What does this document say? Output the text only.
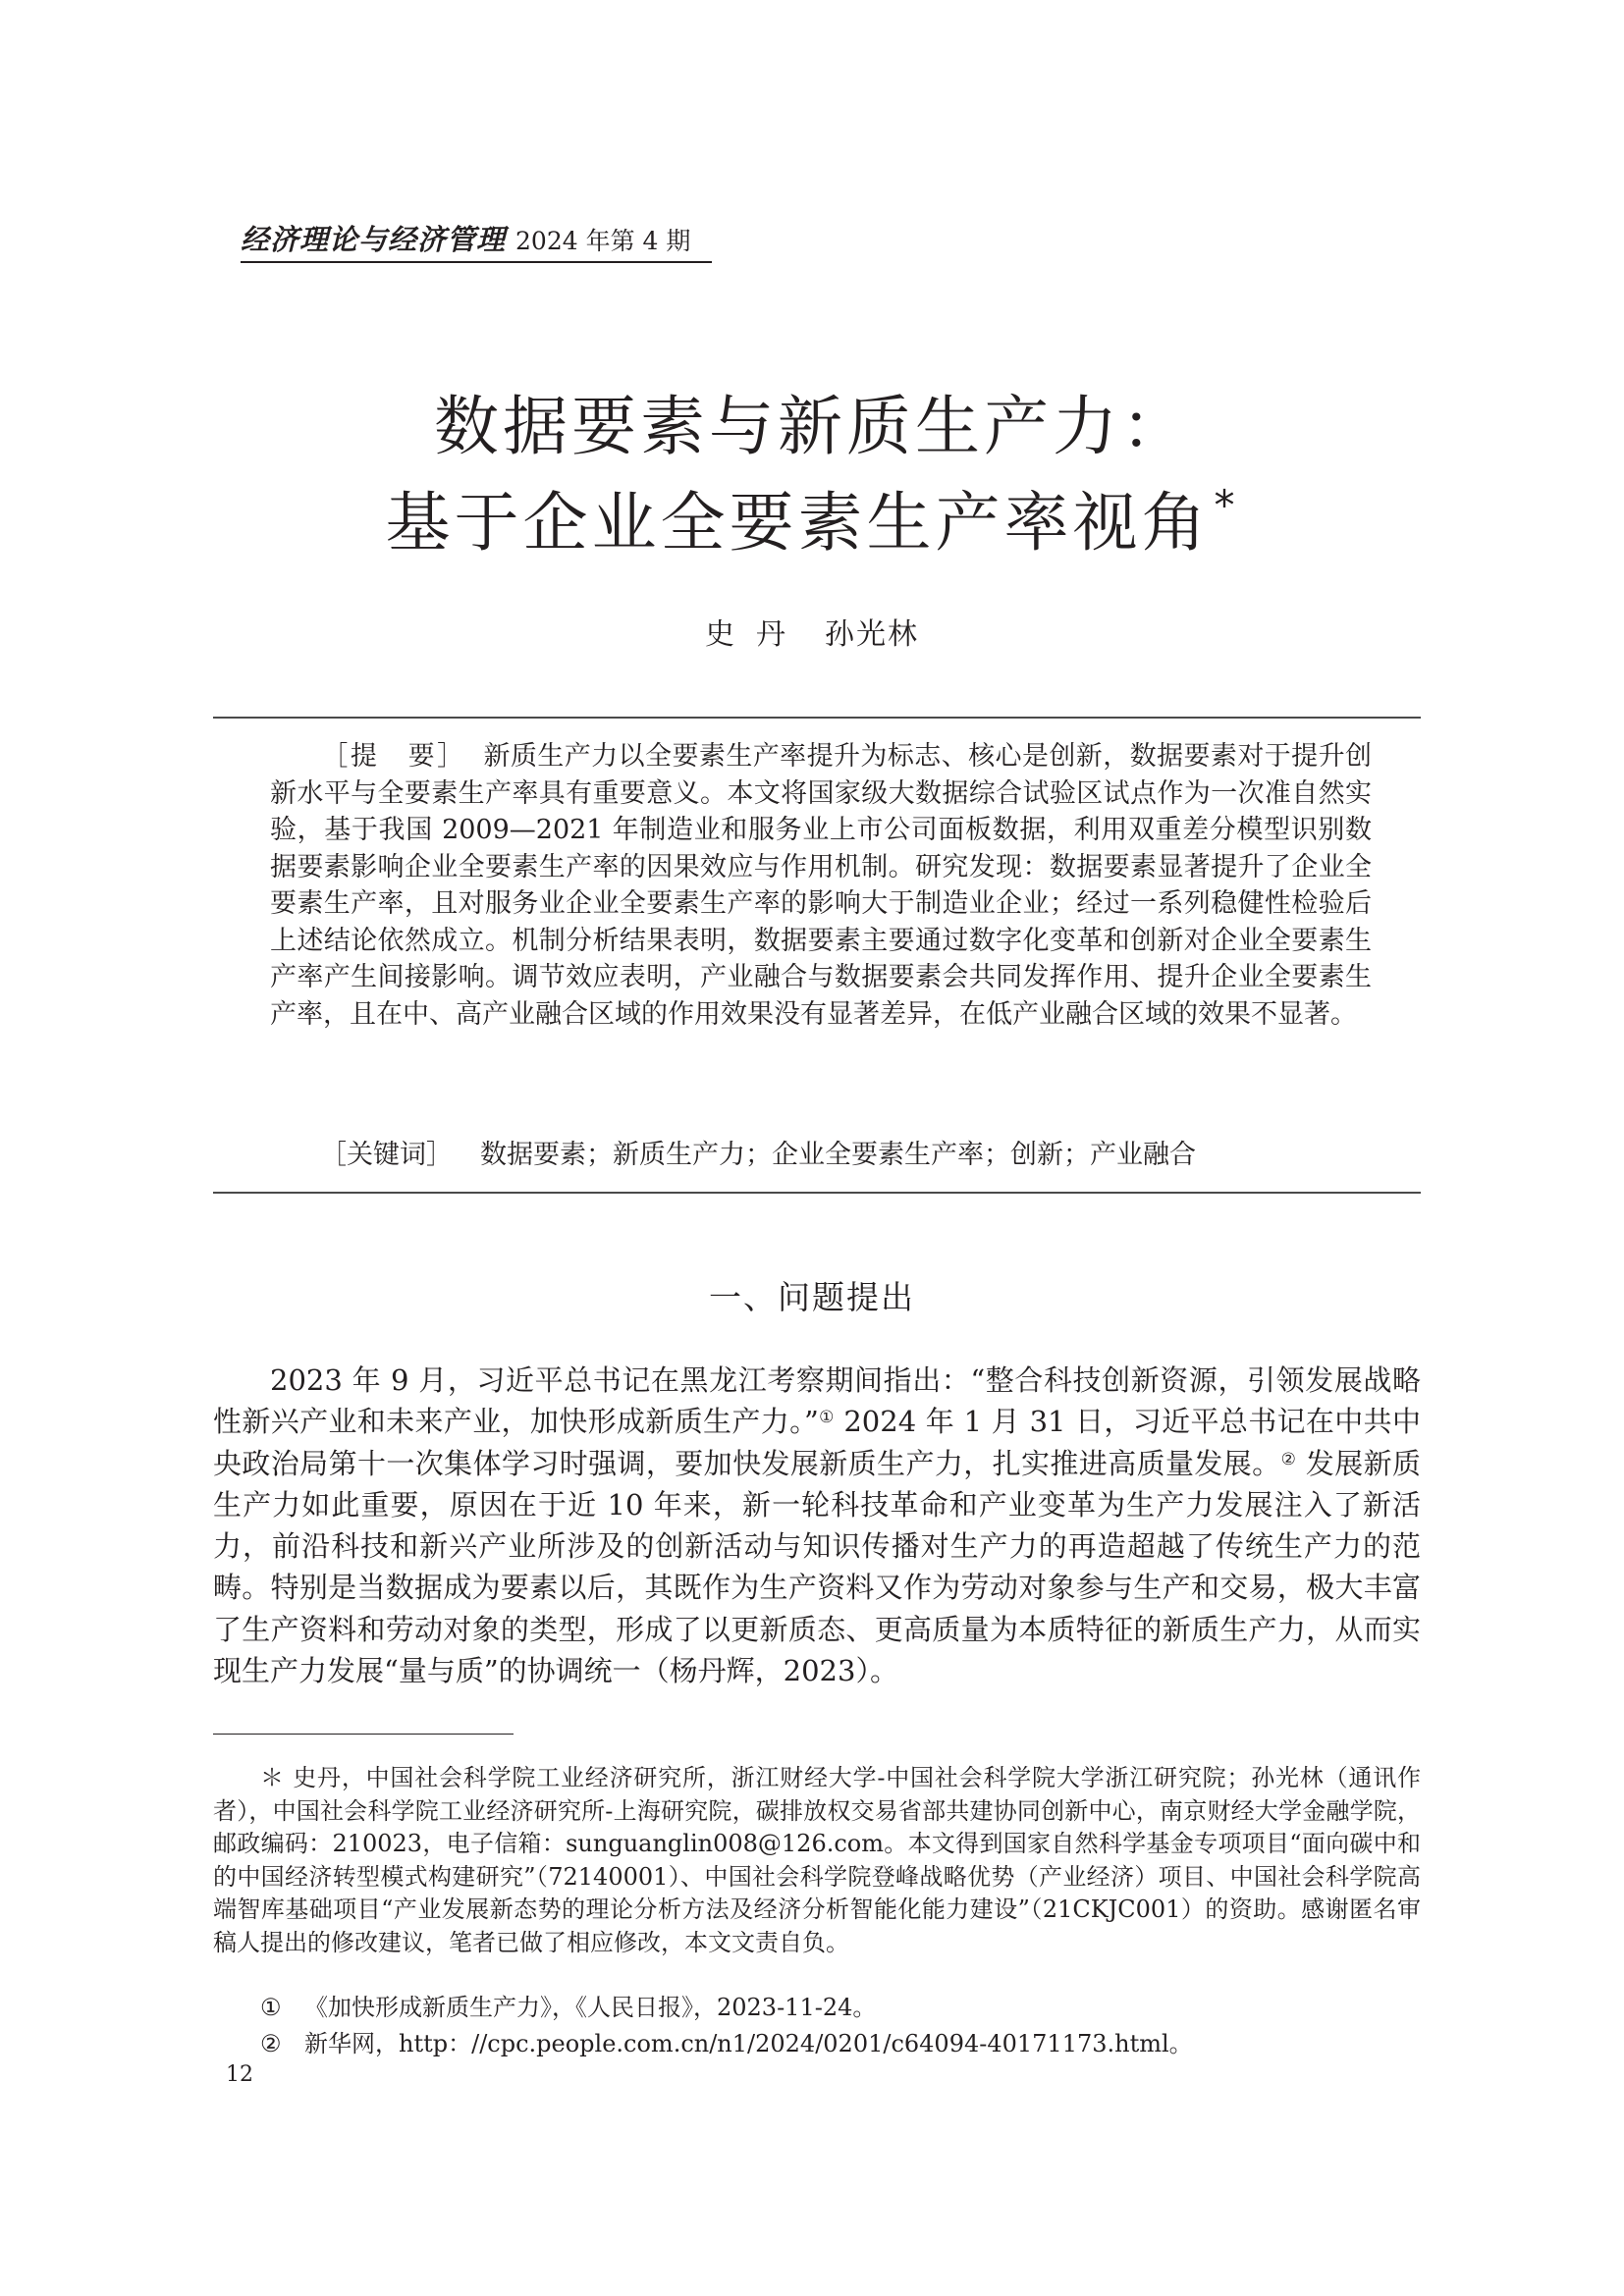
经济理论与经济管理 2024 年第 4 期
数据要素与新质生产力：
基于企业全要素生产率视角*
史丹 孙光林
［提　要］ 新质生产力以全要素生产率提升为标志、核心是创新，数据要素对于提升创新水平与全要素生产率具有重要意义。本文将国家级大数据综合试验区试点作为一次准自然实验，基于我国 2009—2021 年制造业和服务业上市公司面板数据，利用双重差分模型识别数据要素影响企业全要素生产率的因果效应与作用机制。研究发现：数据要素显著提升了企业全要素生产率，且对服务业企业全要素生产率的影响大于制造业企业；经过一系列稳健性检验后上述结论依然成立。机制分析结果表明，数据要素主要通过数字化变革和创新对企业全要素生产率产生间接影响。调节效应表明，产业融合与数据要素会共同发挥作用、提升企业全要素生产率，且在中、高产业融合区域的作用效果没有显著差异，在低产业融合区域的效果不显著。
［关键词］ 数据要素；新质生产力；企业全要素生产率；创新；产业融合
一、问题提出
2023 年 9 月，习近平总书记在黑龙江考察期间指出：“整合科技创新资源，引领发展战略性新兴产业和未来产业，加快形成新质生产力。”① 2024 年 1 月 31 日，习近平总书记在中共中央政治局第十一次集体学习时强调，要加快发展新质生产力，扎实推进高质量发展。② 发展新质生产力如此重要，原因在于近 10 年来，新一轮科技革命和产业变革为生产力发展注入了新活力，前沿科技和新兴产业所涉及的创新活动与知识传播对生产力的再造超越了传统生产力的范畴。特别是当数据成为要素以后，其既作为生产资料又作为劳动对象参与生产和交易，极大丰富了生产资料和劳动对象的类型，形成了以更新质态、更高质量为本质特征的新质生产力，从而实现生产力发展“量与质”的协调统一（杨丹辉，2023）。
＊ 史丹，中国社会科学院工业经济研究所，浙江财经大学-中国社会科学院大学浙江研究院；孙光林（通讯作者），中国社会科学院工业经济研究所-上海研究院，碳排放权交易省部共建协同创新中心，南京财经大学金融学院，邮政编码：210023，电子信箱：sunguanglin008@126.com。本文得到国家自然科学基金专项项目“面向碳中和的中国经济转型模式构建研究”（72140001）、中国社会科学院登峰战略优势（产业经济）项目、中国社会科学院高端智库基础项目“产业发展新态势的理论分析方法及经济分析智能化能力建设”（21CKJC001）的资助。感谢匿名审稿人提出的修改建议，笔者已做了相应修改，本文文责自负。
① 《加快形成新质生产力》，《人民日报》，2023-11-24。
② 新华网，http：//cpc.people.com.cn/n1/2024/0201/c64094-40171173.html。
12
